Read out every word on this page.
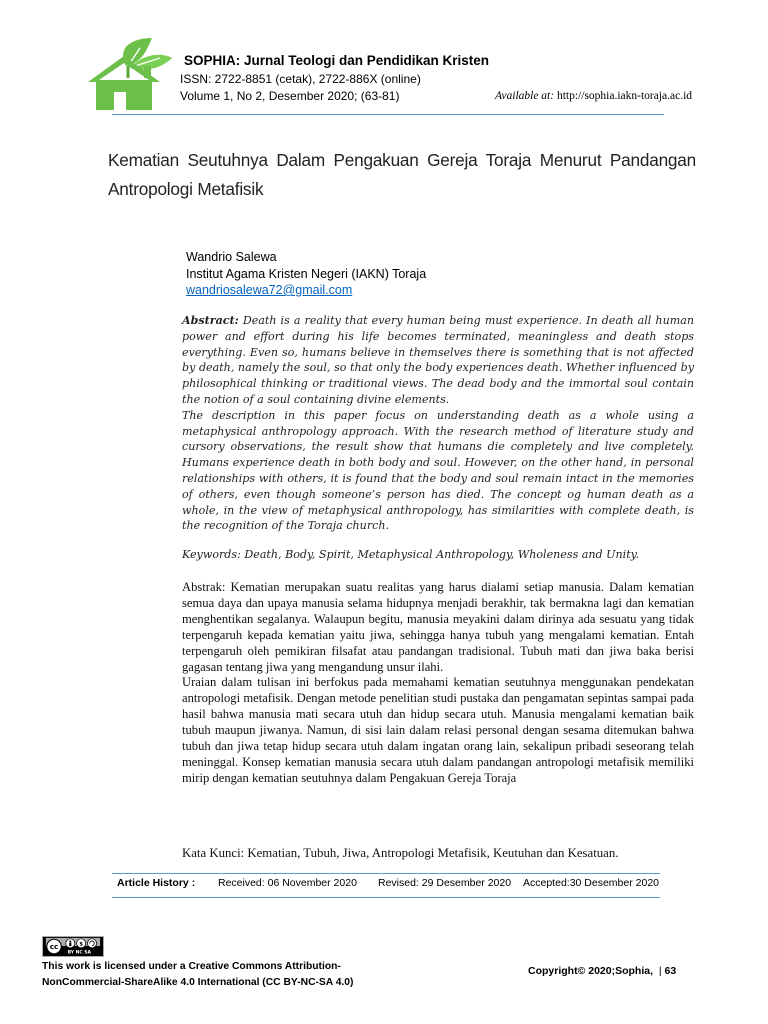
SOPHIA: Jurnal Teologi dan Pendidikan Kristen
ISSN: 2722-8851 (cetak), 2722-886X (online)
Volume 1, No 2, Desember 2020; (63-81)	Available at: http://sophia.iakn-toraja.ac.id
Kematian Seutuhnya Dalam Pengakuan Gereja Toraja Menurut Pandangan Antropologi Metafisik
Wandrio Salewa
Institut Agama Kristen Negeri (IAKN) Toraja
wandriosalewa72@gmail.com

Abstract: Death is a reality that every human being must experience. In death all human power and effort during his life becomes terminated, meaningless and death stops everything. Even so, humans believe in themselves there is something that is not affected by death, namely the soul, so that only the body experiences death. Whether influenced by philosophical thinking or traditional views. The dead body and the immortal soul contain the notion of a soul containing divine elements.

The description in this paper focus on understanding death as a whole using a metaphysical anthropology approach. With the research method of literature study and cursory observations, the result show that humans die completely and live completely. Humans experience death in both body and soul. However, on the other hand, in personal relationships with others, it is found that the body and soul remain intact in the memories of others, even though someone’s person has died. The concept og human death as a whole, in the view of metaphysical anthropology, has similarities with complete death, is the recognition of the Toraja church.

Keywords: Death, Body, Spirit, Metaphysical Anthropology, Wholeness and Unity.

Abstrak: Kematian merupakan suatu realitas yang harus dialami setiap manusia. Dalam kematian semua daya dan upaya manusia selama hidupnya menjadi berakhir, tak bermakna lagi dan kematian menghentikan segalanya. Walaupun begitu, manusia meyakini dalam dirinya ada sesuatu yang tidak terpengaruh kepada kematian yaitu jiwa, sehingga hanya tubuh yang mengalami kematian. Entah terpengaruh oleh pemikiran filsafat atau pandangan tradisional. Tubuh mati dan jiwa baka berisi gagasan tentang jiwa yang mengandung unsur ilahi.

Uraian dalam tulisan ini berfokus pada memahami kematian seutuhnya menggunakan pendekatan antropologi metafisik. Dengan metode penelitian studi pustaka dan pengamatan sepintas sampai pada hasil bahwa manusia mati secara utuh dan hidup secara utuh. Manusia mengalami kematian baik tubuh maupun jiwanya. Namun, di sisi lain dalam relasi personal dengan sesama ditemukan bahwa tubuh dan jiwa tetap hidup secara utuh dalam ingatan orang lain, sekalipun pribadi seseorang telah meninggal. Konsep kematian manusia secara utuh dalam pandangan antropologi metafisik memiliki mirip dengan kematian seutuhnya dalam Pengakuan Gereja Toraja

Kata Kunci: Kematian, Tubuh, Jiwa, Antropologi Metafisik, Keutuhan dan Kesatuan.
Article History : Received: 06 November 2020 Revised: 29 Desember 2020 Accepted:30 Desember 2020
cc	$
BY NC SA
This work is licensed under a Creative Commons Attribution-
NonCommercial-ShareAlike 4.0 International (CC BY-NC-SA 4.0)
Copyright© 2020;Sophia,  | 63
